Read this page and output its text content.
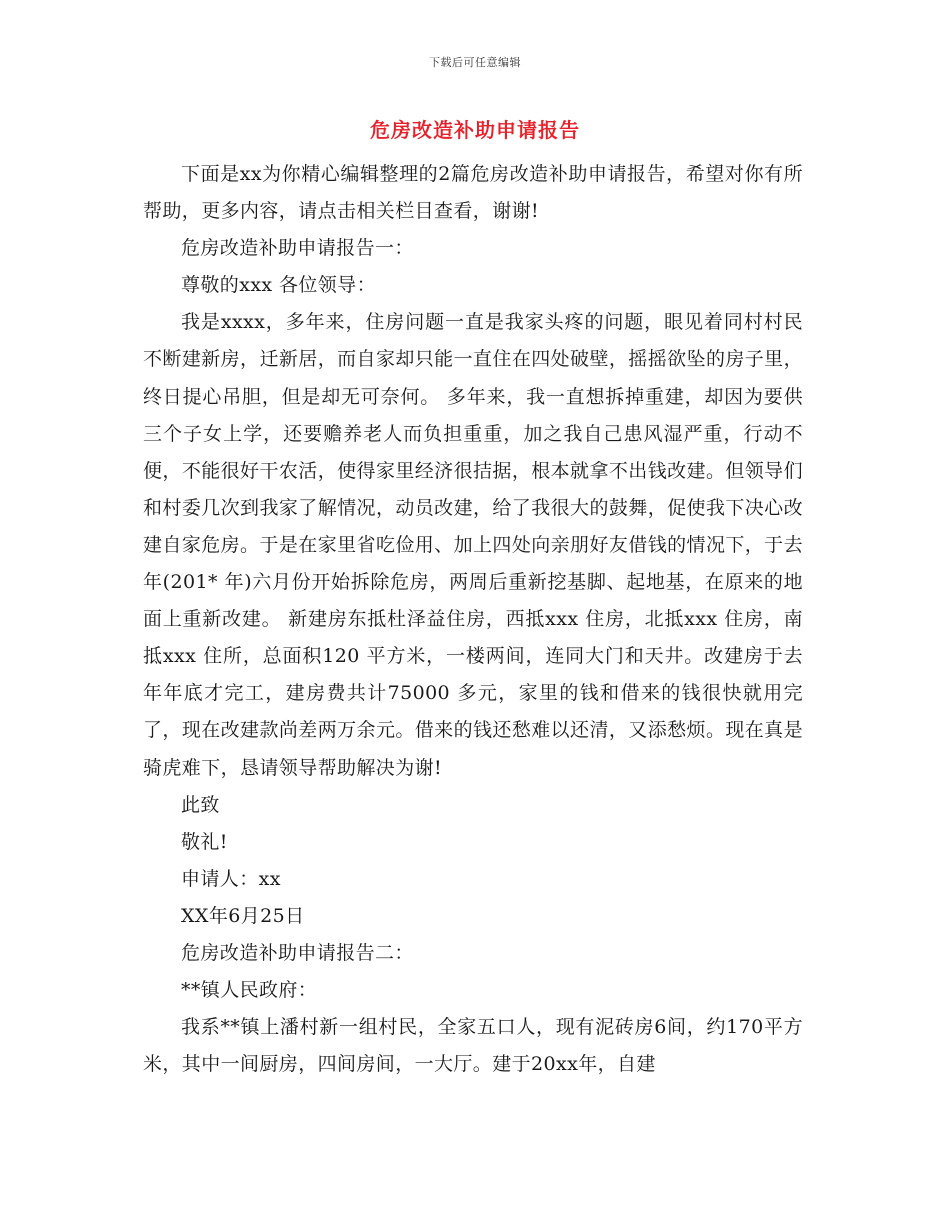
下载后可任意编辑
危房改造补助申请报告

下面是xx为你精心编辑整理的2篇危房改造补助申请报告，希望对你有所帮助，更多内容，请点击相关栏目查看，谢谢!

危房改造补助申请报告一：

尊敬的xxx 各位领导：

我是xxxx，多年来，住房问题一直是我家头疼的问题，眼见着同村村民不断建新房，迁新居，而自家却只能一直住在四处破壁，摇摇欲坠的房子里，终日提心吊胆，但是却无可奈何。 多年来，我一直想拆掉重建，却因为要供三个子女上学，还要赡养老人而负担重重，加之我自己患风湿严重，行动不便，不能很好干农活，使得家里经济很拮据，根本就拿不出钱改建。但领导们和村委几次到我家了解情况，动员改建，给了我很大的鼓舞，促使我下决心改建自家危房。于是在家里省吃俭用、加上四处向亲朋好友借钱的情况下，于去年(201* 年)六月份开始拆除危房，两周后重新挖基脚、起地基，在原来的地面上重新改建。 新建房东抵杜泽益住房，西抵xxx 住房，北抵xxx 住房，南抵xxx 住所，总面积120 平方米，一楼两间，连同大门和天井。改建房于去年年底才完工，建房费共计75000 多元，家里的钱和借来的钱很快就用完了，现在改建款尚差两万余元。借来的钱还愁难以还清，又添愁烦。现在真是骑虎难下，恳请领导帮助解决为谢!

此致

敬礼!

申请人：xx

XX年6月25日

危房改造补助申请报告二：

**镇人民政府：

我系**镇上潘村新一组村民，全家五口人，现有泥砖房6间，约170平方米，其中一间厨房，四间房间，一大厅。建于20xx年，自建
